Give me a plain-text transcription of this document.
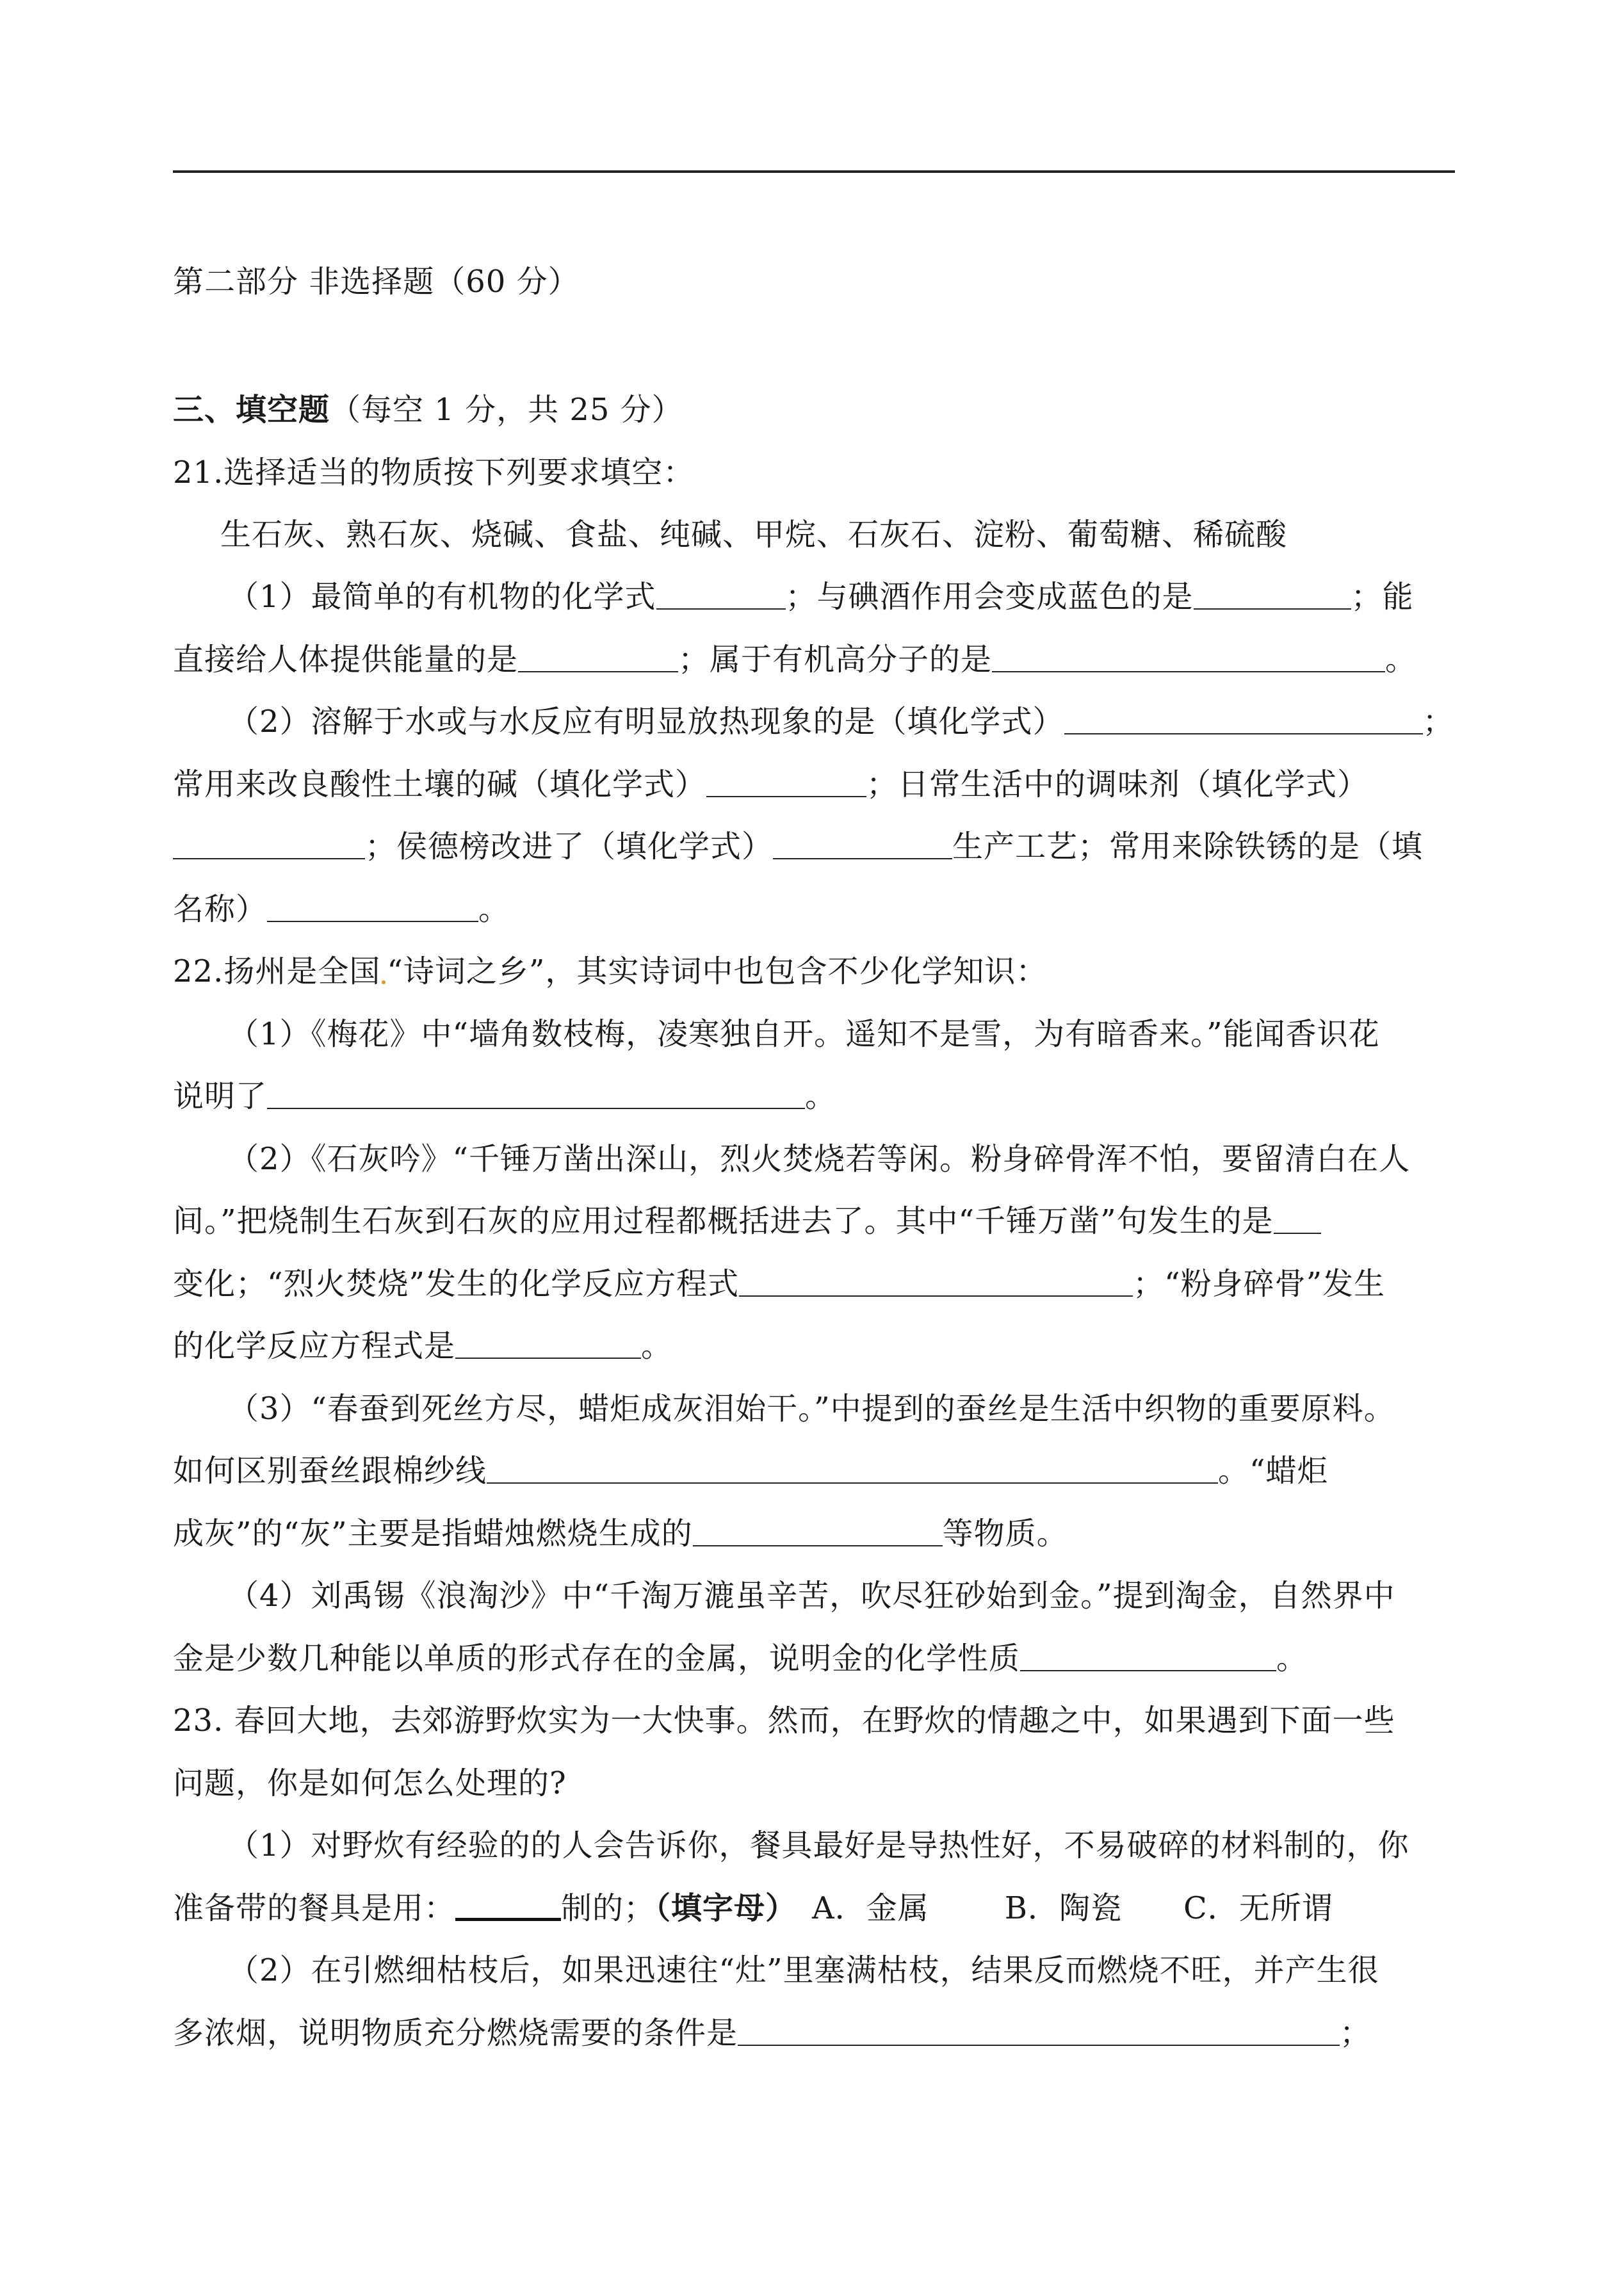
第二部分 非选择题（60 分）
三、填空题（每空 1 分，共 25 分）
21.选择适当的物质按下列要求填空：
生石灰、熟石灰、烧碱、食盐、纯碱、甲烷、石灰石、淀粉、葡萄糖、稀硫酸
（1）最简单的有机物的化学式	；与碘酒作用会变成蓝色的是	；能
直接给人体提供能量的是	；属于有机高分子的是	。
（2）溶解于水或与水反应有明显放热现象的是（填化学式）	；
常用来改良酸性土壤的碱（填化学式）	；日常生活中的调味剂（填化学式）
；侯德榜改进了（填化学式）	生产工艺；常用来除铁锈的是（填
名称）	。
22.扬州是全国 “诗词之乡”，其实诗词中也包含不少化学知识：
（1）《梅花》中“墙角数枝梅，凌寒独自开。遥知不是雪，为有暗香来。”能闻香识花
说明了	。
（2）《石灰吟》“千锤万凿出深山，烈火焚烧若等闲。粉身碎骨浑不怕，要留清白在人
间。”把烧制生石灰到石灰的应用过程都概括进去了。其中“千锤万凿”句发生的是
变化；“烈火焚烧”发生的化学反应方程式	；“粉身碎骨”发生
的化学反应方程式是	。
（3）“春蚕到死丝方尽，蜡炬成灰泪始干。”中提到的蚕丝是生活中织物的重要原料。
如何区别蚕丝跟棉纱线	。“蜡炬
成灰”的“灰”主要是指蜡烛燃烧生成的	等物质。
（4）刘禹锡《浪淘沙》中“千淘万漉虽辛苦，吹尽狂砂始到金。”提到淘金，自然界中
金是少数几种能以单质的形式存在的金属，说明金的化学性质	。
23. 春回大地，去郊游野炊实为一大快事。然而，在野炊的情趣之中，如果遇到下面一些
问题，你是如何怎么处理的?
（1）对野炊有经验的的人会告诉你，餐具最好是导热性好，不易破碎的材料制的，你
准备带的餐具是用：	制的；（填字母） A．金属 B．陶瓷 C．无所谓
（2）在引燃细枯枝后，如果迅速往“灶”里塞满枯枝，结果反而燃烧不旺，并产生很
多浓烟，说明物质充分燃烧需要的条件是	；
